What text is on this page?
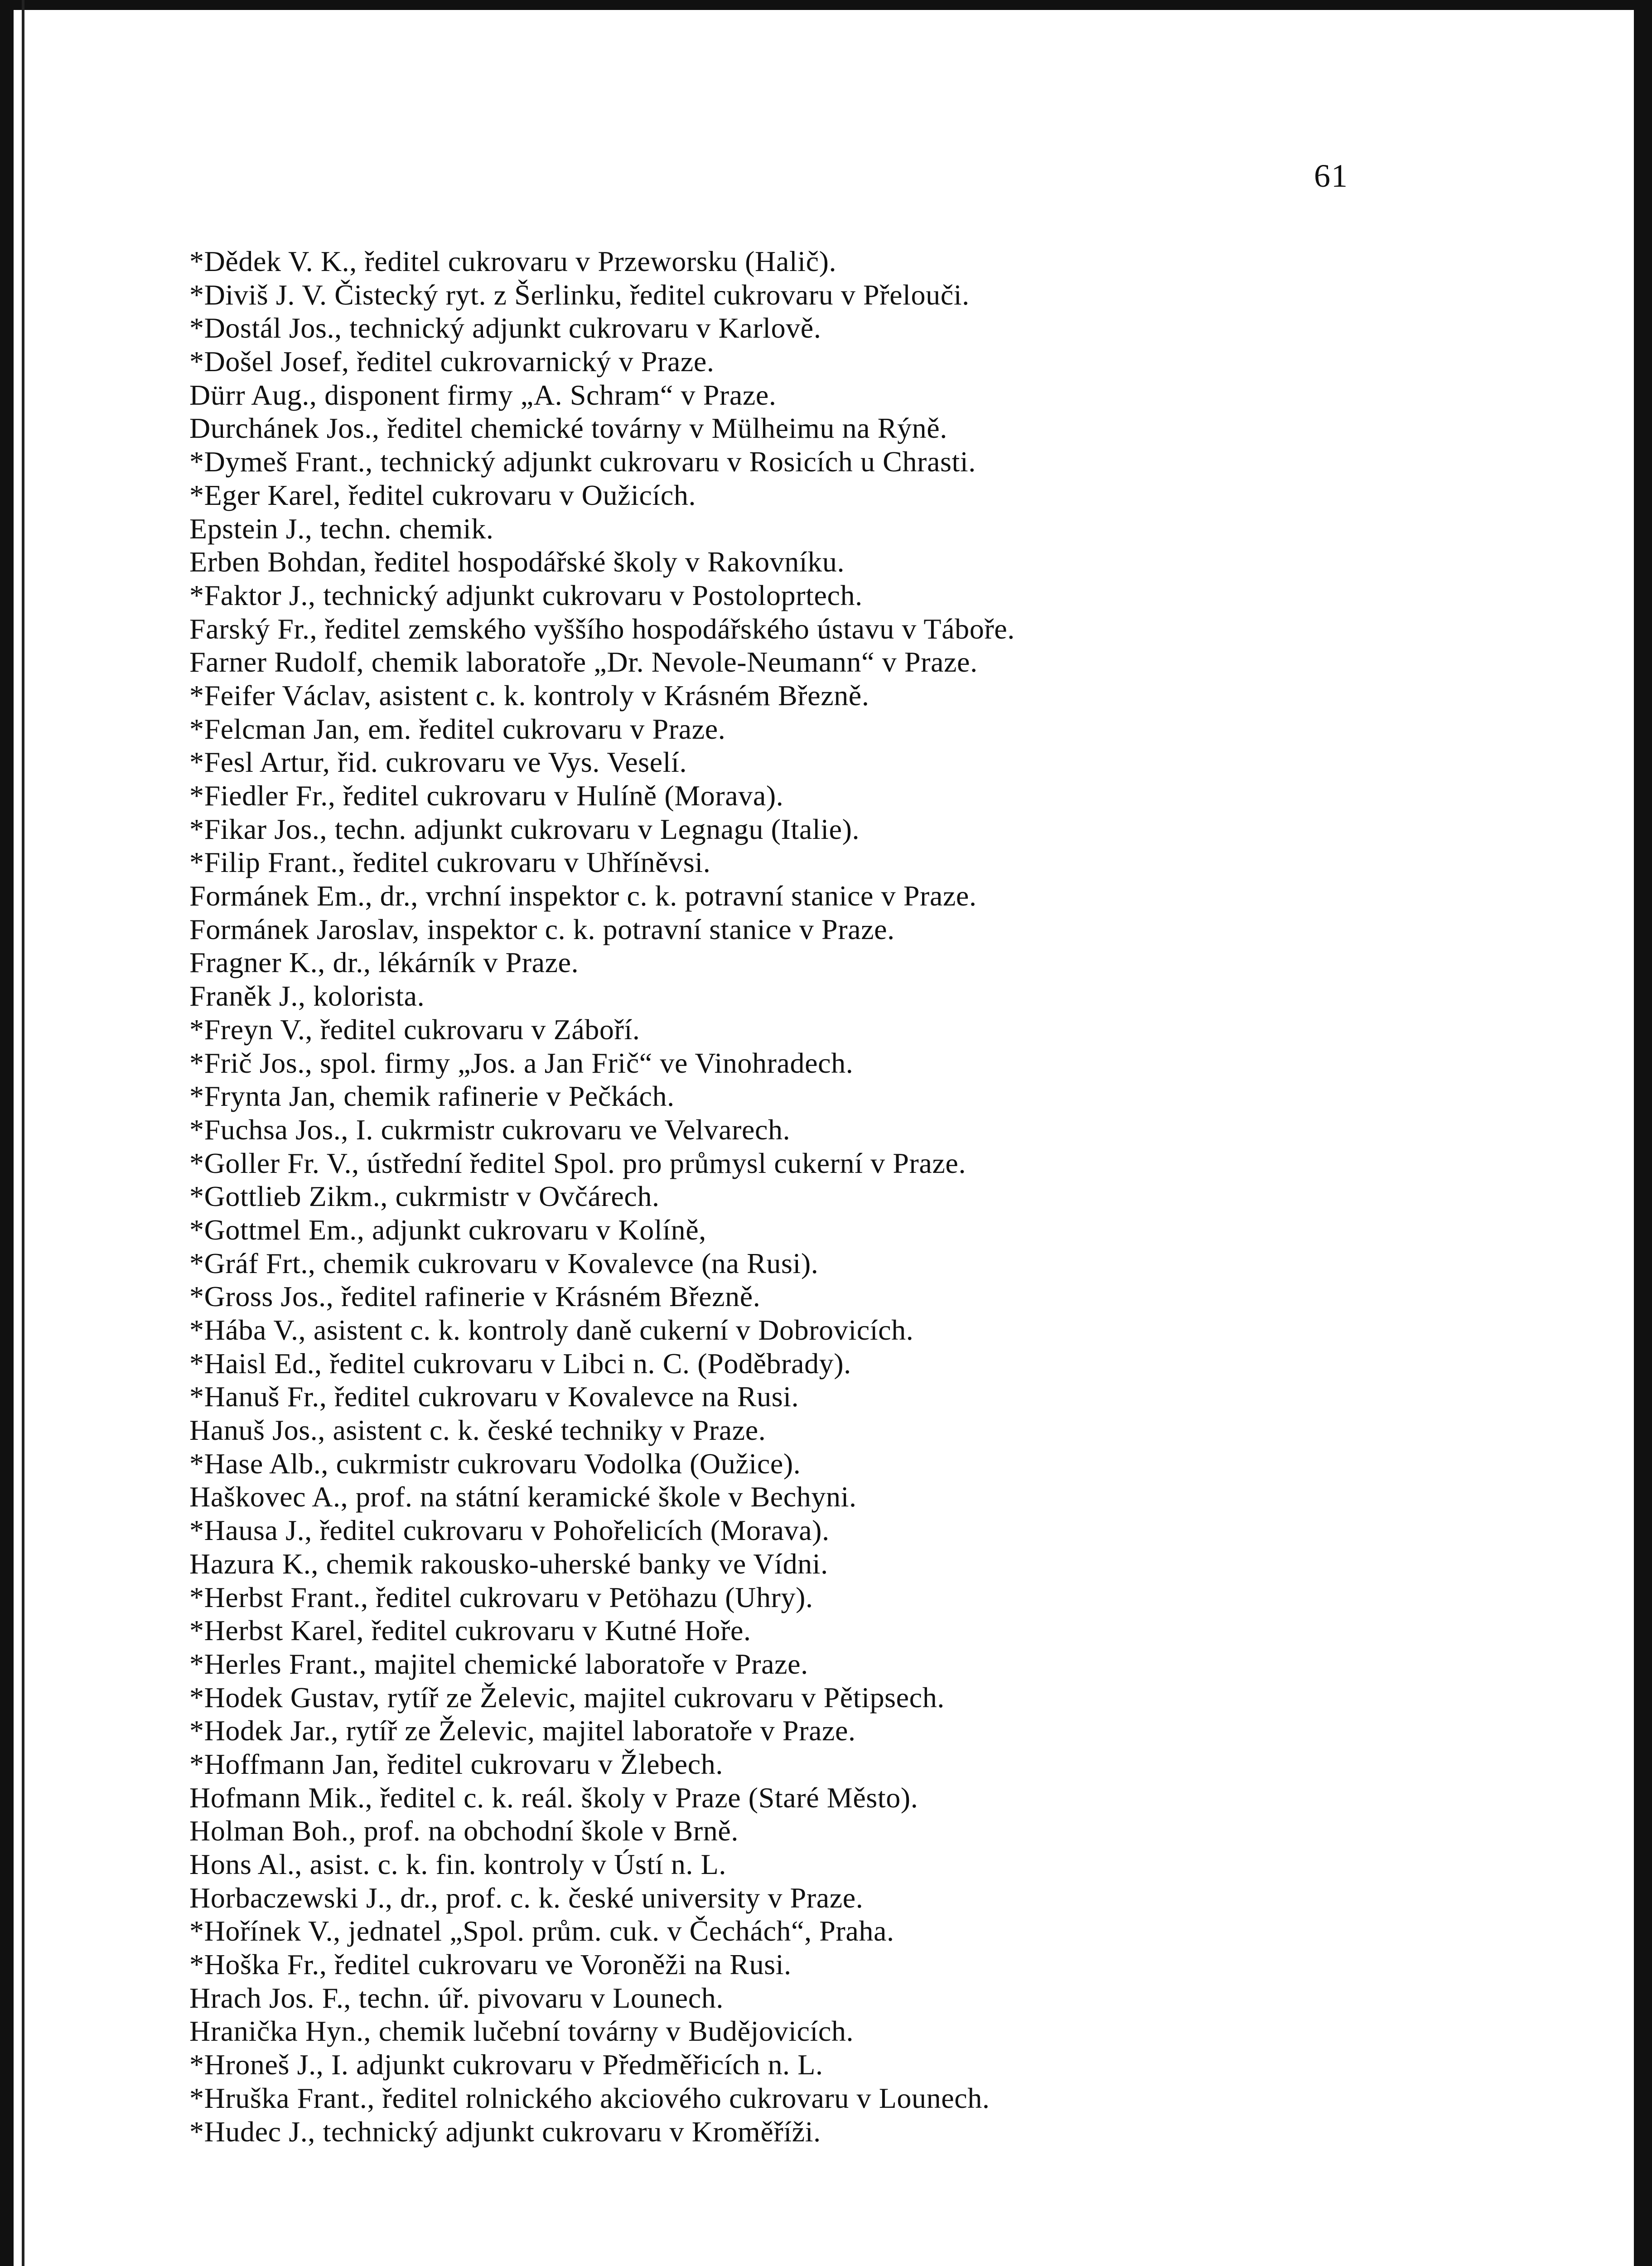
61
*Dědek V. K., ředitel cukrovaru v Przeworsku (Halič).
*Diviš J. V. Čistecký ryt. z Šerlinku, ředitel cukrovaru v Přelouči.
*Dostál Jos., technický adjunkt cukrovaru v Karlově.
*Došel Josef, ředitel cukrovarnický v Praze.
Dürr Aug., disponent firmy „A. Schram“ v Praze.
Durchánek Jos., ředitel chemické továrny v Mülheimu na Rýně.
*Dymeš Frant., technický adjunkt cukrovaru v Rosicích u Chrasti.
*Eger Karel, ředitel cukrovaru v Oužicích.
Epstein J., techn. chemik.
Erben Bohdan, ředitel hospodářské školy v Rakovníku.
*Faktor J., technický adjunkt cukrovaru v Postoloprtech.
Farský Fr., ředitel zemského vyššího hospodářského ústavu v Táboře.
Farner Rudolf, chemik laboratoře „Dr. Nevole-Neumann“ v Praze.
*Feifer Václav, asistent c. k. kontroly v Krásném Březně.
*Felcman Jan, em. ředitel cukrovaru v Praze.
*Fesl Artur, řid. cukrovaru ve Vys. Veselí.
*Fiedler Fr., ředitel cukrovaru v Hulíně (Morava).
*Fikar Jos., techn. adjunkt cukrovaru v Legnagu (Italie).
*Filip Frant., ředitel cukrovaru v Uhříněvsi.
Formánek Em., dr., vrchní inspektor c. k. potravní stanice v Praze.
Formánek Jaroslav, inspektor c. k. potravní stanice v Praze.
Fragner K., dr., lékárník v Praze.
Franěk J., kolorista.
*Freyn V., ředitel cukrovaru v Záboří.
*Frič Jos., spol. firmy „Jos. a Jan Frič“ ve Vinohradech.
*Frynta Jan, chemik rafinerie v Pečkách.
*Fuchsa Jos., I. cukrmistr cukrovaru ve Velvarech.
*Goller Fr. V., ústřední ředitel Spol. pro průmysl cukerní v Praze.
*Gottlieb Zikm., cukrmistr v Ovčárech.
*Gottmel Em., adjunkt cukrovaru v Kolíně,
*Gráf Frt., chemik cukrovaru v Kovalevce (na Rusi).
*Gross Jos., ředitel rafinerie v Krásném Březně.
*Hába V., asistent c. k. kontroly daně cukerní v Dobrovicích.
*Haisl Ed., ředitel cukrovaru v Libci n. C. (Poděbrady).
*Hanuš Fr., ředitel cukrovaru v Kovalevce na Rusi.
Hanuš Jos., asistent c. k. české techniky v Praze.
*Hase Alb., cukrmistr cukrovaru Vodolka (Oužice).
Haškovec A., prof. na státní keramické škole v Bechyni.
*Hausa J., ředitel cukrovaru v Pohořelicích (Morava).
Hazura K., chemik rakousko-uherské banky ve Vídni.
*Herbst Frant., ředitel cukrovaru v Petöhazu (Uhry).
*Herbst Karel, ředitel cukrovaru v Kutné Hoře.
*Herles Frant., majitel chemické laboratoře v Praze.
*Hodek Gustav, rytíř ze Želevic, majitel cukrovaru v Pětipsech.
*Hodek Jar., rytíř ze Želevic, majitel laboratoře v Praze.
*Hoffmann Jan, ředitel cukrovaru v Žlebech.
Hofmann Mik., ředitel c. k. reál. školy v Praze (Staré Město).
Holman Boh., prof. na obchodní škole v Brně.
Hons Al., asist. c. k. fin. kontroly v Ústí n. L.
Horbaczewski J., dr., prof. c. k. české university v Praze.
*Hořínek V., jednatel „Spol. prům. cuk. v Čechách“, Praha.
*Hoška Fr., ředitel cukrovaru ve Voroněži na Rusi.
Hrach Jos. F., techn. úř. pivovaru v Lounech.
Hranička Hyn., chemik lučební továrny v Budějovicích.
*Hroneš J., I. adjunkt cukrovaru v Předměřicích n. L.
*Hruška Frant., ředitel rolnického akciového cukrovaru v Lounech.
*Hudec J., technický adjunkt cukrovaru v Kroměříži.
